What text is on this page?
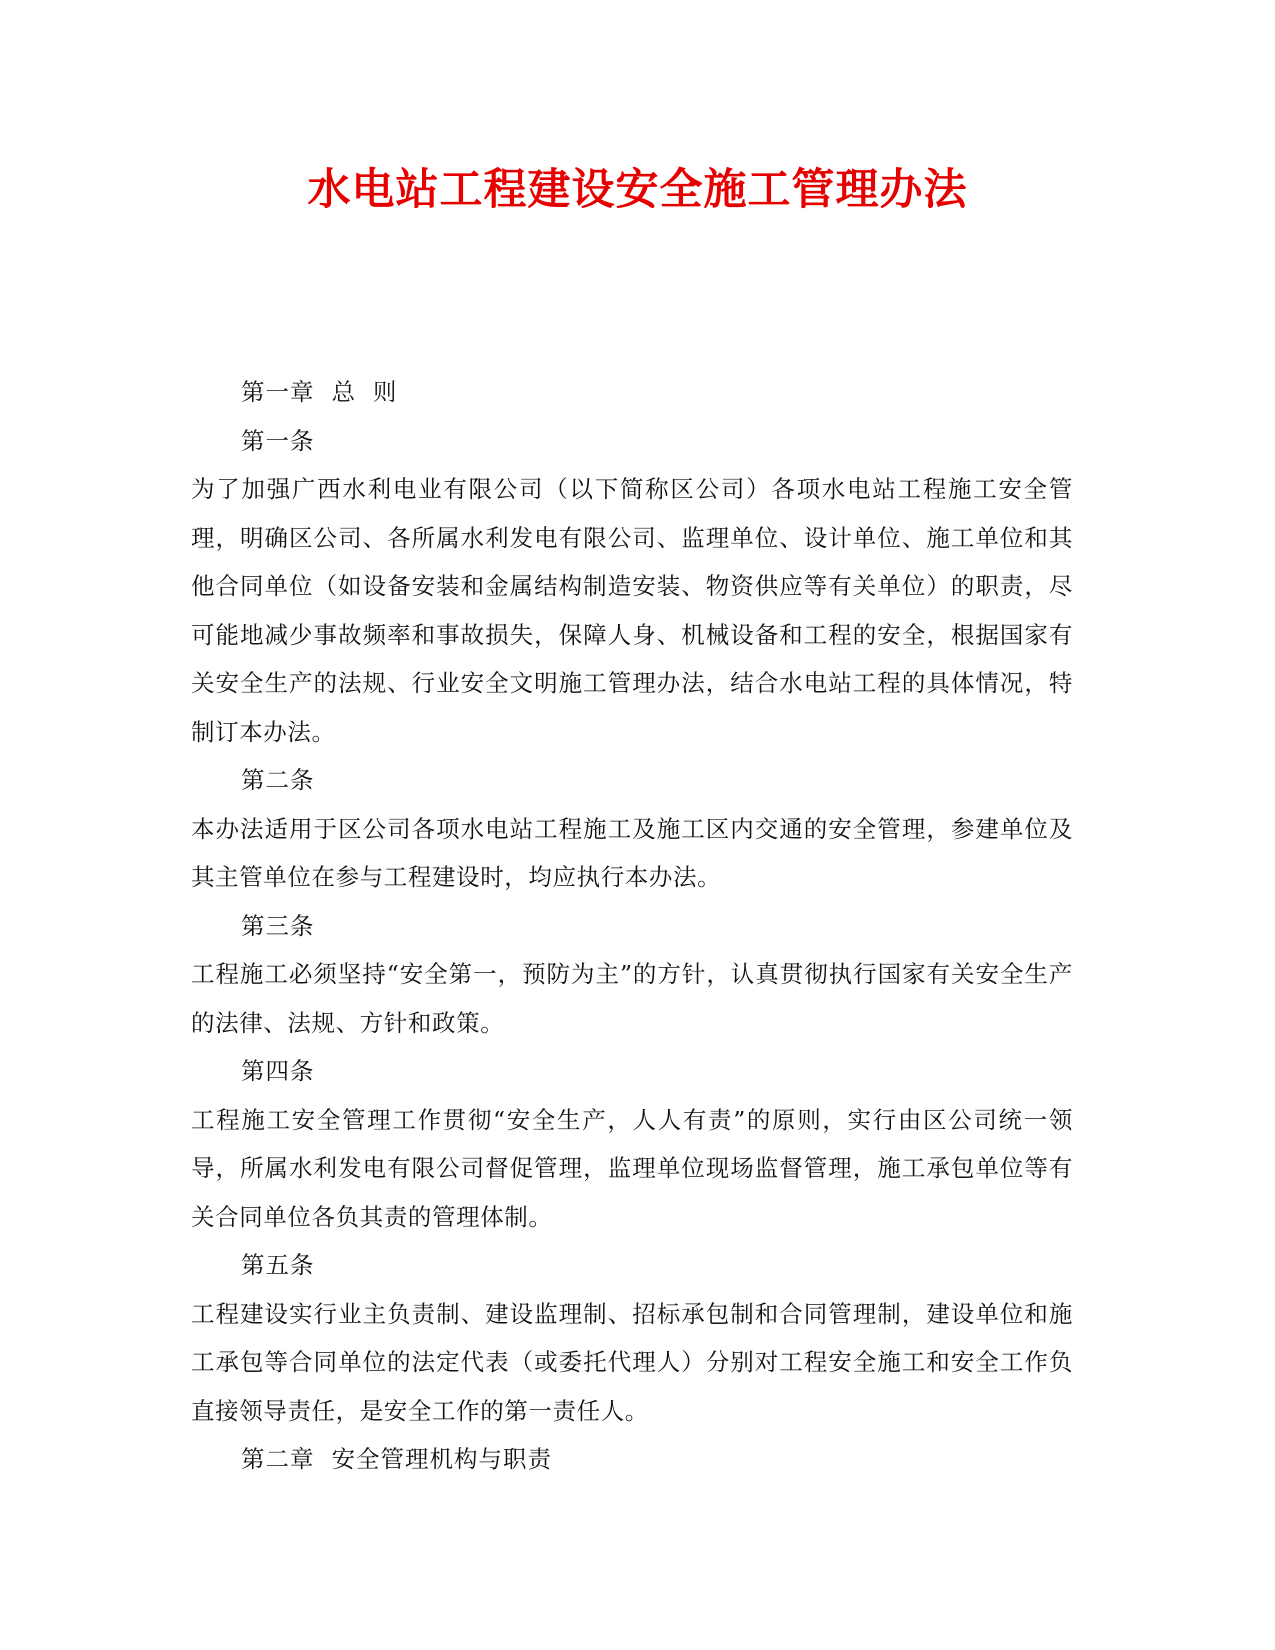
水电站工程建设安全施工管理办法

第一章  总  则

第一条

为了加强广西水利电业有限公司（以下简称区公司）各项水电站工程施工安全管理，明确区公司、各所属水利发电有限公司、监理单位、设计单位、施工单位和其他合同单位（如设备安装和金属结构制造安装、物资供应等有关单位）的职责，尽可能地减少事故频率和事故损失，保障人身、机械设备和工程的安全，根据国家有关安全生产的法规、行业安全文明施工管理办法，结合水电站工程的具体情况，特制订本办法。

第二条

本办法适用于区公司各项水电站工程施工及施工区内交通的安全管理，参建单位及其主管单位在参与工程建设时，均应执行本办法。

第三条

工程施工必须坚持“安全第一，预防为主”的方针，认真贯彻执行国家有关安全生产的法律、法规、方针和政策。

第四条

工程施工安全管理工作贯彻“安全生产，人人有责”的原则，实行由区公司统一领导，所属水利发电有限公司督促管理，监理单位现场监督管理，施工承包单位等有关合同单位各负其责的管理体制。

第五条

工程建设实行业主负责制、建设监理制、招标承包制和合同管理制，建设单位和施工承包等合同单位的法定代表（或委托代理人）分别对工程安全施工和安全工作负直接领导责任，是安全工作的第一责任人。

第二章  安全管理机构与职责
